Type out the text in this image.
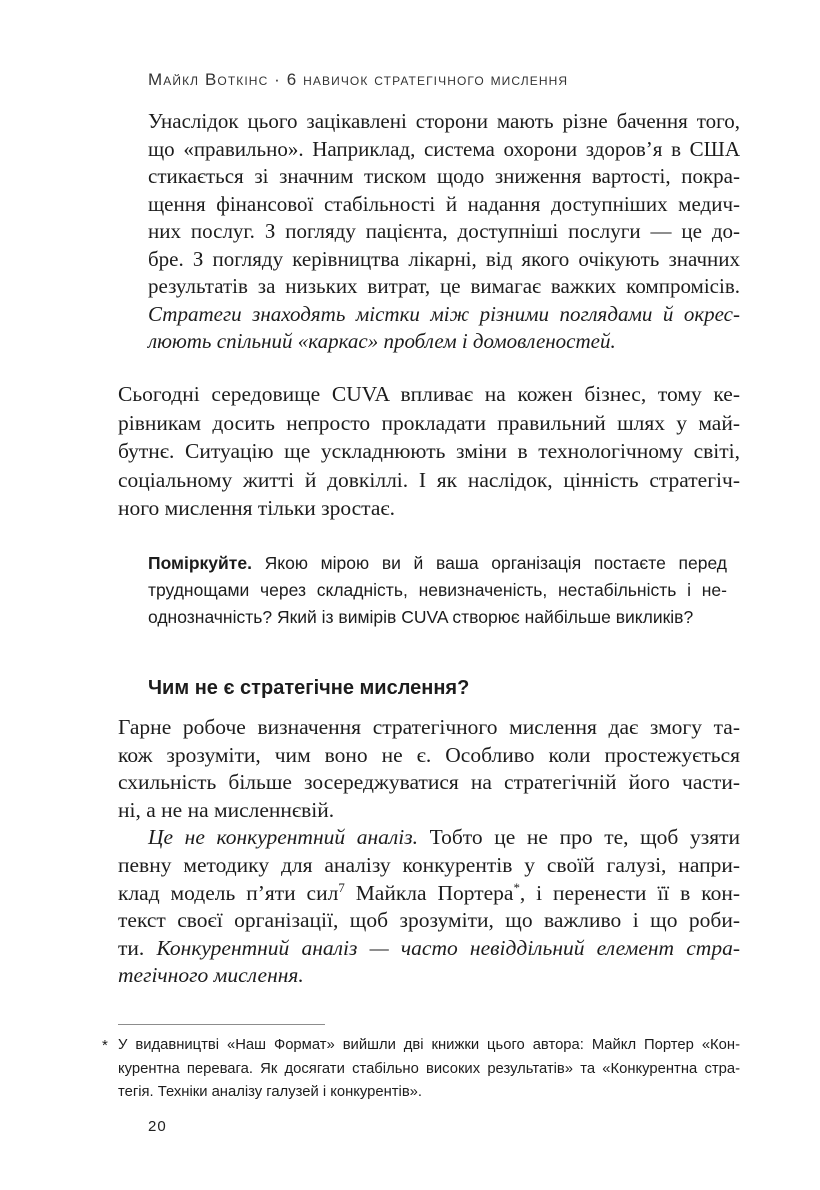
Майкл Воткінс · 6 навичок стратегічного мислення
Унаслідок цього зацікавлені сторони мають різне бачення того,
що «правильно». Наприклад, система охорони здоров’я в США
стикається зі значним тиском щодо зниження вартості, покра-
щення фінансової стабільності й надання доступніших медич-
них послуг. З погляду пацієнта, доступніші послуги — це до-
бре. З погляду керівництва лікарні, від якого очікують значних
результатів за низьких витрат, це вимагає важких компромісів.
Стратеги знаходять містки між різними поглядами й окрес-
люють спільний «каркас» проблем і домовленостей.
Сьогодні середовище CUVA впливає на кожен бізнес, тому ке-
рівникам досить непросто прокладати правильний шлях у май-
бутнє. Ситуацію ще ускладнюють зміни в технологічному світі,
соціальному житті й довкіллі. І як наслідок, цінність стратегіч-
ного мислення тільки зростає.
Поміркуйте. Якою мірою ви й ваша організація постаєте перед
труднощами через складність, невизначеність, нестабільність і не-
однозначність? Який із вимірів CUVA створює найбільше викликів?
Чим не є стратегічне мислення?
Гарне робоче визначення стратегічного мислення дає змогу та-
кож зрозуміти, чим воно не є. Особливо коли простежується
схильність більше зосереджуватися на стратегічній його части-
ні, а не на мисленнєвій.
Це не конкурентний аналіз. Тобто це не про те, щоб узяти
певну методику для аналізу конкурентів у своїй галузі, напри-
клад модель п’яти сил$^7$ Майкла Портера*, і перенести її в кон-
текст своєї організації, щоб зрозуміти, що важливо і що роби-
ти. Конкурентний аналіз — часто невіддільний елемент стра-
тегічного мислення.
* У видавництві «Наш Формат» вийшли дві книжки цього автора: Майкл Портер «Кон-
курентна перевага. Як досягати стабільно високих результатів» та «Конкурентна стра-
тегія. Техніки аналізу галузей і конкурентів».
20
